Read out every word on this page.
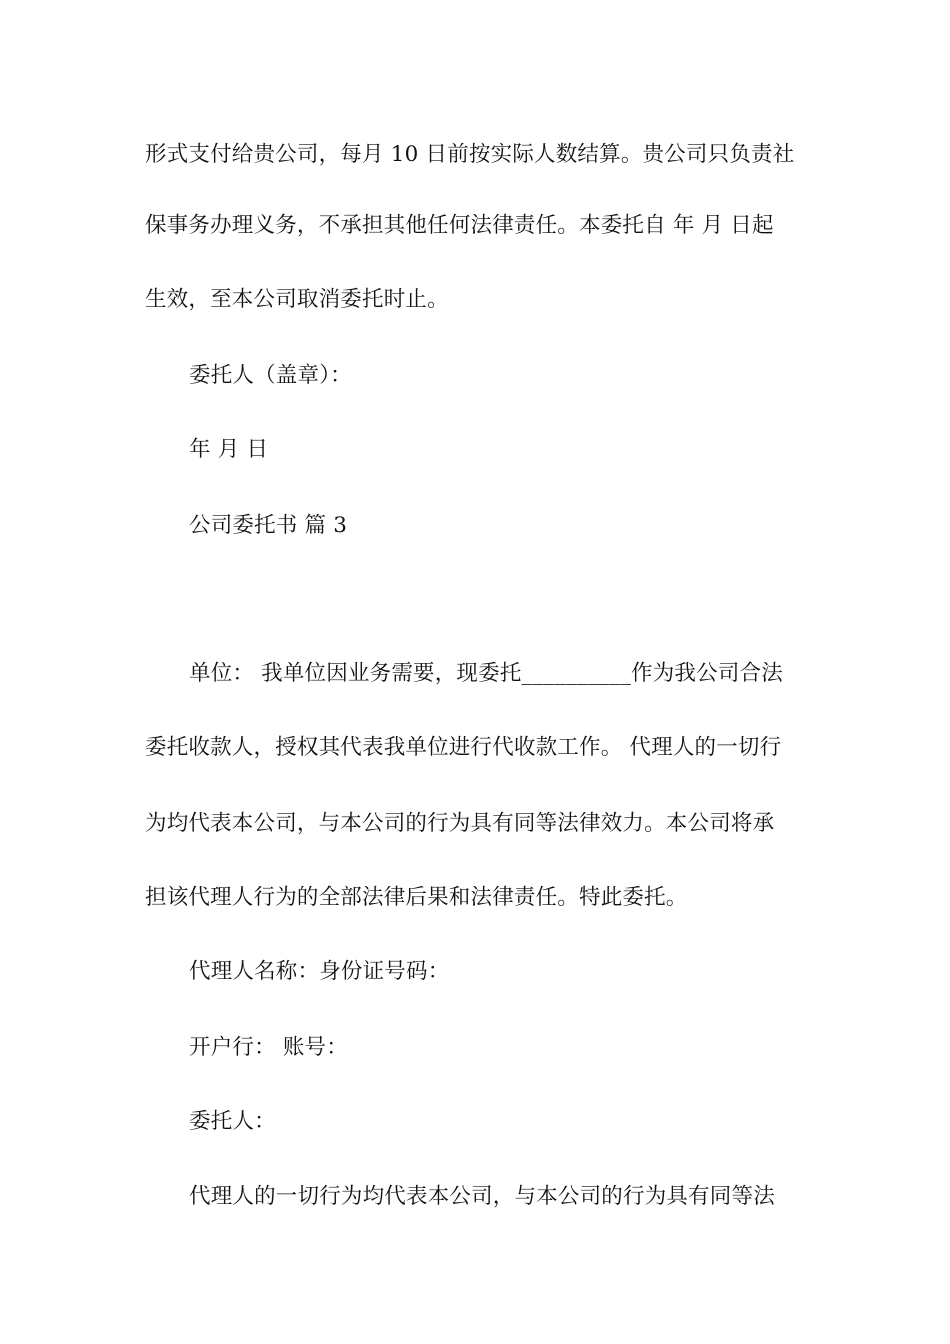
形式支付给贵公司，每月 10 日前按实际人数结算。贵公司只负责社
保事务办理义务，不承担其他任何法律责任。本委托自 年 月 日起
生效，至本公司取消委托时止。
委托人（盖章）：
年 月 日
公司委托书 篇 3
单位： 我单位因业务需要，现委托__________作为我公司合法
委托收款人，授权其代表我单位进行代收款工作。 代理人的一切行
为均代表本公司，与本公司的行为具有同等法律效力。本公司将承
担该代理人行为的全部法律后果和法律责任。特此委托。
代理人名称：身份证号码：
开户行： 账号：
委托人：
代理人的一切行为均代表本公司，与本公司的行为具有同等法
